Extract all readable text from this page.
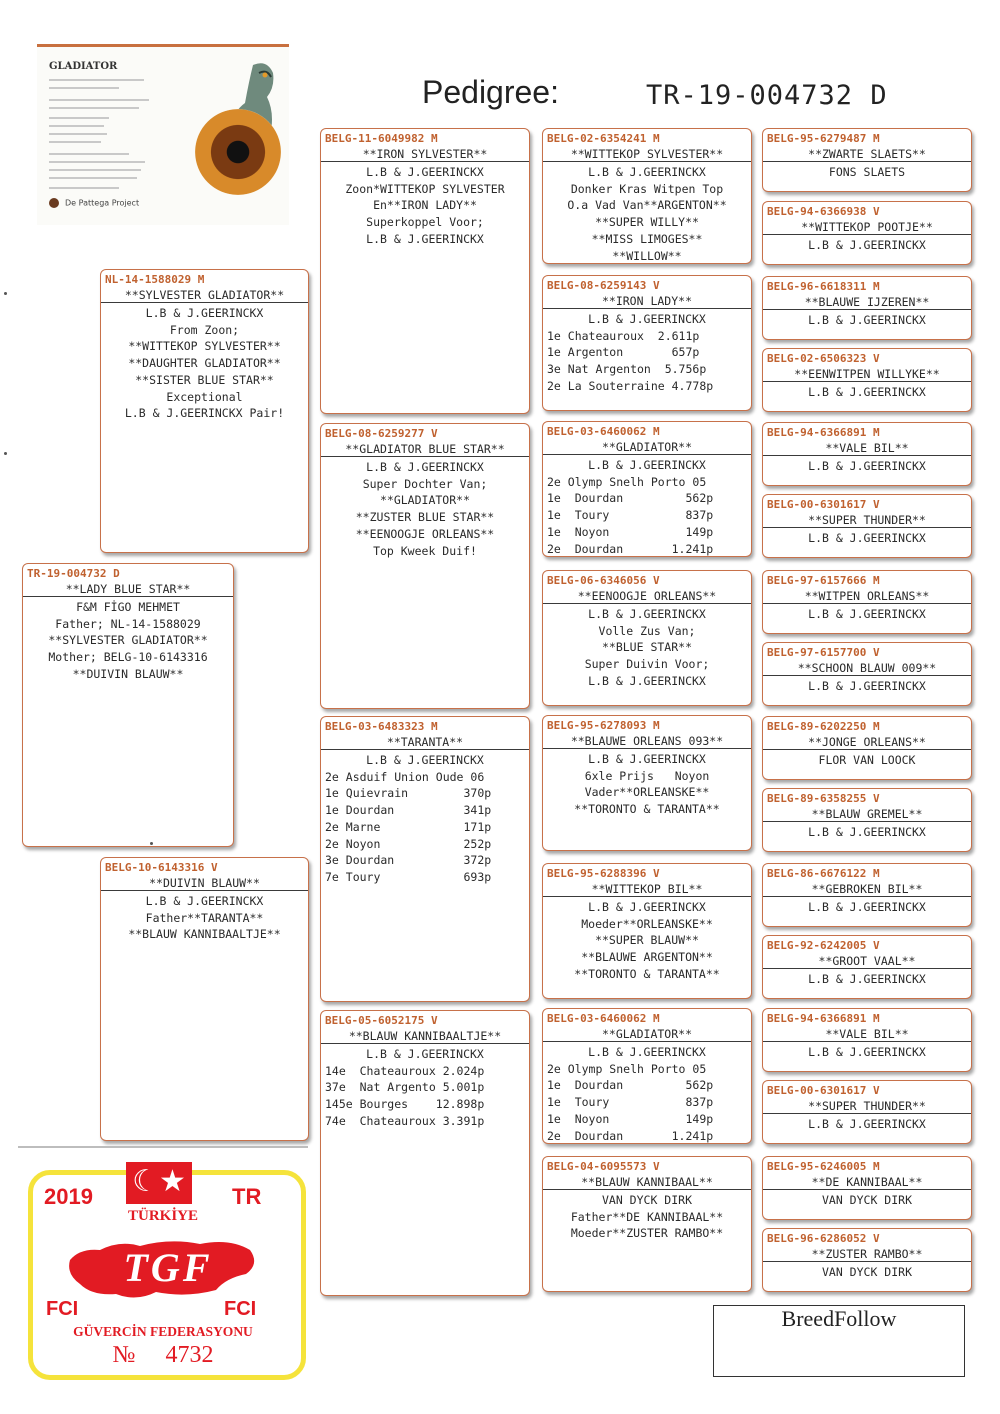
GLADIATOR
De Pattega Project
Pedigree:	TR-19-004732 D
TR-19-004732 D
**LADY BLUE STAR**
F&M FİGO MEHMET
Father; NL-14-1588029
**SYLVESTER GLADIATOR**
Mother; BELG-10-6143316
**DUIVIN BLAUW**
NL-14-1588029 M
**SYLVESTER GLADIATOR**
L.B & J.GEERINCKX
From Zoon;
**WITTEKOP SYLVESTER**
**DAUGHTER GLADIATOR**
**SISTER BLUE STAR**
Exceptional
L.B & J.GEERINCKX Pair!
BELG-10-6143316 V
**DUIVIN BLAUW**
L.B & J.GEERINCKX
Father**TARANTA**
**BLAUW KANNIBAALTJE**
BELG-11-6049982 M
**IRON SYLVESTER**
L.B & J.GEERINCKX
Zoon*WITTEKOP SYLVESTER
En**IRON LADY**
Superkoppel Voor;
L.B & J.GEERINCKX
BELG-08-6259277 V
**GLADIATOR BLUE STAR**
L.B & J.GEERINCKX
Super Dochter Van;
**GLADIATOR**
**ZUSTER BLUE STAR**
**EENOOGJE ORLEANS**
Top Kweek Duif!
BELG-03-6483323 M
**TARANTA**
L.B & J.GEERINCKX
2e Asduif Union Oude 06
1e Quievrain        370p
1e Dourdan          341p
2e Marne            171p
2e Noyon            252p
3e Dourdan          372p
7e Toury            693p
BELG-05-6052175 V
**BLAUW KANNIBAALTJE**
L.B & J.GEERINCKX
14e  Chateauroux 2.024p
37e  Nat Argento 5.001p
145e Bourges    12.898p
74e  Chateauroux 3.391p
BELG-02-6354241 M
**WITTEKOP SYLVESTER**
L.B & J.GEERINCKX
Donker Kras Witpen Top
O.a Vad Van**ARGENTON**
**SUPER WILLY**
**MISS LIMOGES**
**WILLOW**
BELG-08-6259143 V
**IRON LADY**
L.B & J.GEERINCKX
1e Chateauroux  2.611p
1e Argenton       657p
3e Nat Argenton  5.756p
2e La Souterraine 4.778p
BELG-03-6460062 M
**GLADIATOR**
L.B & J.GEERINCKX
2e Olymp Snelh Porto 05
1e  Dourdan         562p
1e  Toury           837p
1e  Noyon           149p
2e  Dourdan       1.241p
BELG-06-6346056 V
**EENOOGJE ORLEANS**
L.B & J.GEERINCKX
Volle Zus Van;
**BLUE STAR**
Super Duivin Voor;
L.B & J.GEERINCKX
BELG-95-6278093 M
**BLAUWE ORLEANS 093**
L.B & J.GEERINCKX
6xle Prijs   Noyon
Vader**ORLEANSKE**
**TORONTO & TARANTA**
BELG-95-6288396 V
**WITTEKOP BIL**
L.B & J.GEERINCKX
Moeder**ORLEANSKE**
**SUPER BLAUW**
**BLAUWE ARGENTON**
**TORONTO & TARANTA**
BELG-03-6460062 M
**GLADIATOR**
L.B & J.GEERINCKX
2e Olymp Snelh Porto 05
1e  Dourdan         562p
1e  Toury           837p
1e  Noyon           149p
2e  Dourdan       1.241p
BELG-04-6095573 V
**BLAUW KANNIBAAL**
VAN DYCK DIRK
Father**DE KANNIBAAL**
Moeder**ZUSTER RAMBO**
BELG-95-6279487 M
**ZWARTE SLAETS**
FONS SLAETS
BELG-94-6366938 V
**WITTEKOP POOTJE**
L.B & J.GEERINCKX
BELG-96-6618311 M
**BLAUWE IJZEREN**
L.B & J.GEERINCKX
BELG-02-6506323 V
**EENWITPEN WILLYKE**
L.B & J.GEERINCKX
BELG-94-6366891 M
**VALE BIL**
L.B & J.GEERINCKX
BELG-00-6301617 V
**SUPER THUNDER**
L.B & J.GEERINCKX
BELG-97-6157666 M
**WITPEN ORLEANS**
L.B & J.GEERINCKX
BELG-97-6157700 V
**SCHOON BLAUW 009**
L.B & J.GEERINCKX
BELG-89-6202250 M
**JONGE ORLEANS**
FLOR VAN LOOCK
BELG-89-6358255 V
**BLAUW GREMEL**
L.B & J.GEERINCKX
BELG-86-6676122 M
**GEBROKEN BIL**
L.B & J.GEERINCKX
BELG-92-6242005 V
**GROOT VAAL**
L.B & J.GEERINCKX
BELG-94-6366891 M
**VALE BIL**
L.B & J.GEERINCKX
BELG-00-6301617 V
**SUPER THUNDER**
L.B & J.GEERINCKX
BELG-95-6246005 M
**DE KANNIBAAL**
VAN DYCK DIRK
BELG-96-6286052 V
**ZUSTER RAMBO**
VAN DYCK DIRK
☾★
2019	TR
TÜRKİYE
TGF
FCI	FCI
GÜVERCİN FEDERASYONU
№     4732
BreedFollow
